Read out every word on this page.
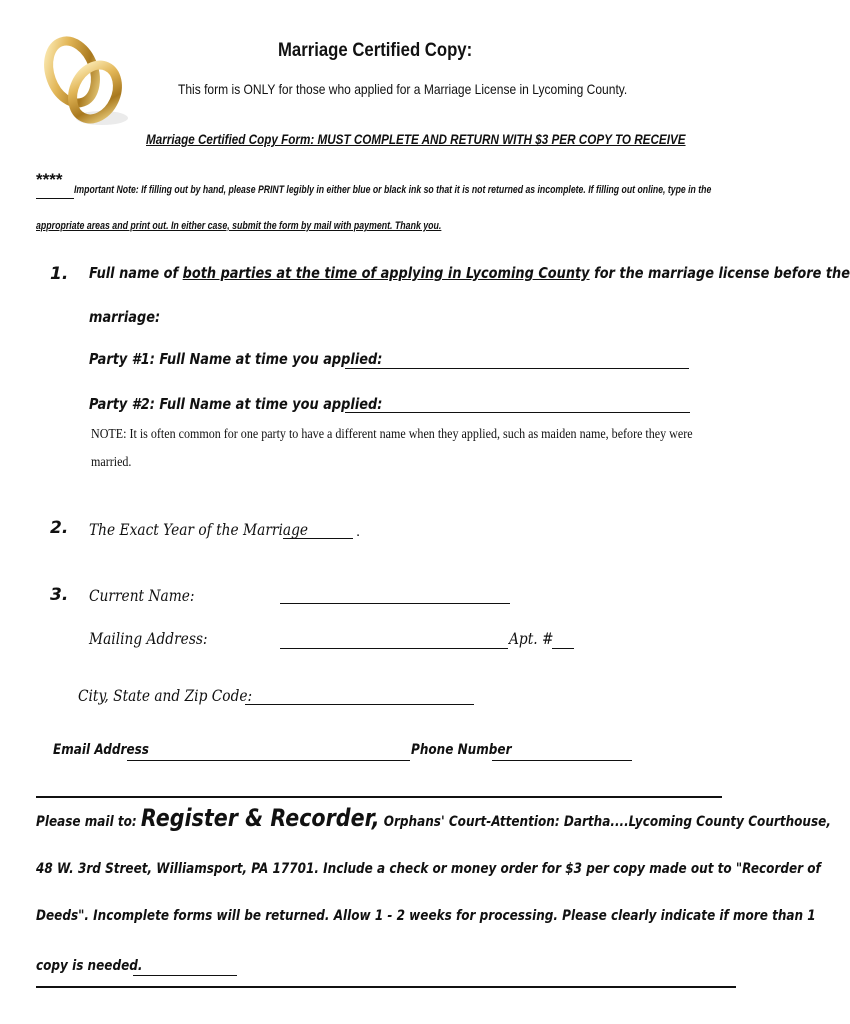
Marriage Certified Copy:
This form is ONLY for those who applied for a Marriage License in Lycoming County.
Marriage Certified Copy Form: MUST COMPLETE AND RETURN WITH $3 PER COPY TO RECEIVE
****
Important Note: If filling out by hand, please PRINT legibly in either blue or black ink so that it is not returned as incomplete. If filling out online, type in the
appropriate areas and print out. In either case, submit the form by mail with payment. Thank you.
1. Full name of both parties at the time of applying in Lycoming County for the marriage license before the
marriage:
Party #1: Full Name at time you applied:
Party #2: Full Name at time you applied:
NOTE: It is often common for one party to have a different name when they applied, such as maiden name, before they were
married.
2. The Exact Year of the Marriage	.
3. Current Name:
Mailing Address:	Apt. #
City, State and Zip Code:
Email Address	Phone Number
Please mail to: Register & Recorder, Orphans' Court-Attention: Dartha....Lycoming County Courthouse,
48 W. 3rd Street, Williamsport, PA 17701. Include a check or money order for $3 per copy made out to "Recorder of
Deeds". Incomplete forms will be returned. Allow 1 - 2 weeks for processing. Please clearly indicate if more than 1
copy is needed.
